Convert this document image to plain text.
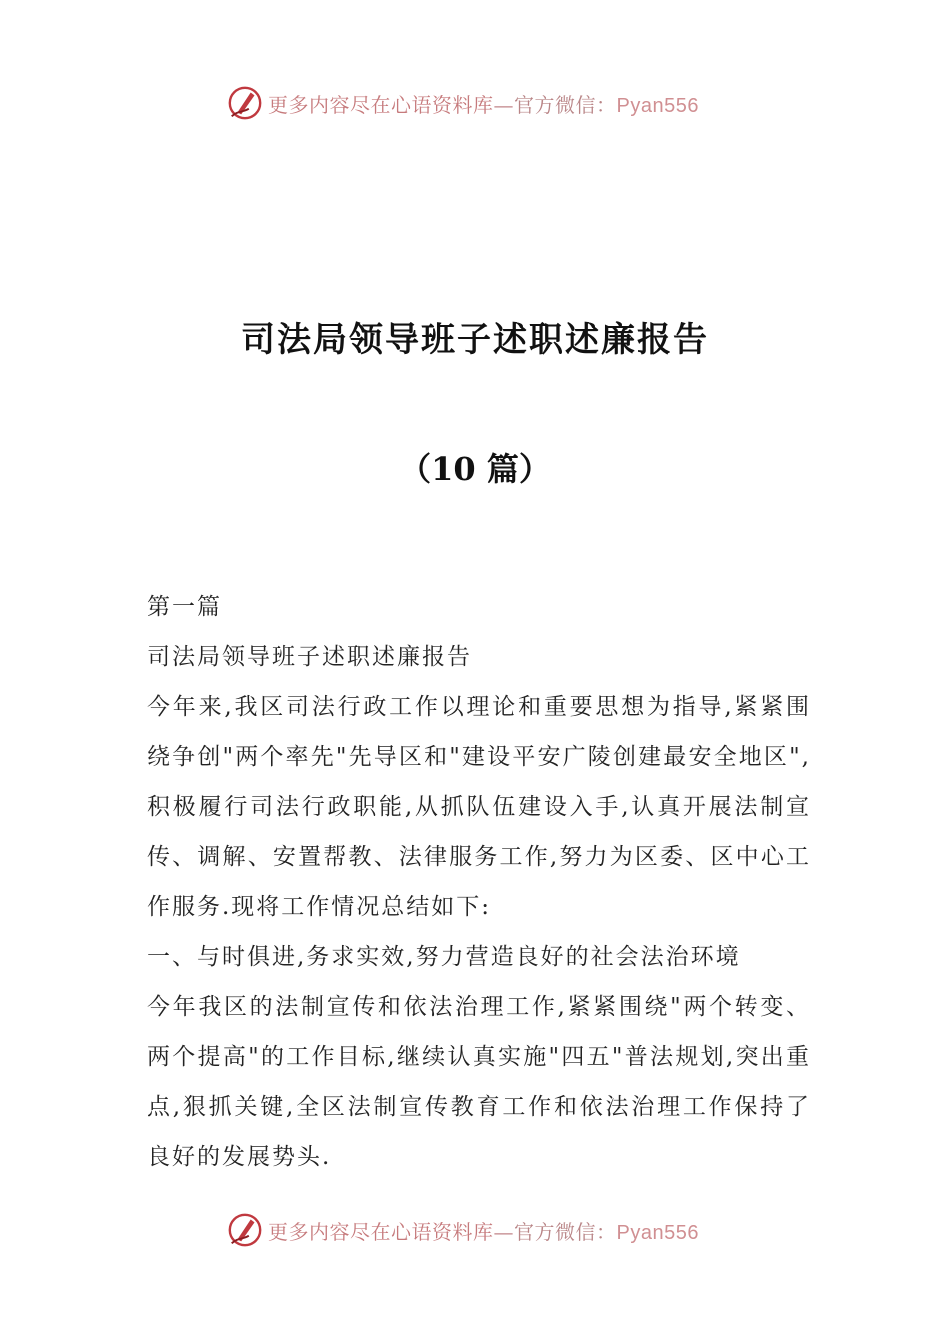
更多内容尽在心语资料库—官方微信：Pyan556
司法局领导班子述职述廉报告
（10 篇）

第一篇

司法局领导班子述职述廉报告

今年来,我区司法行政工作以理论和重要思想为指导,紧紧围绕争创"两个率先"先导区和"建设平安广陵创建最安全地区",积极履行司法行政职能,从抓队伍建设入手,认真开展法制宣传、调解、安置帮教、法律服务工作,努力为区委、区中心工作服务.现将工作情况总结如下:

一、与时俱进,务求实效,努力营造良好的社会法治环境

今年我区的法制宣传和依法治理工作,紧紧围绕"两个转变、两个提高"的工作目标,继续认真实施"四五"普法规划,突出重点,狠抓关键,全区法制宣传教育工作和依法治理工作保持了良好的发展势头.

更多内容尽在心语资料库—官方微信：Pyan556
